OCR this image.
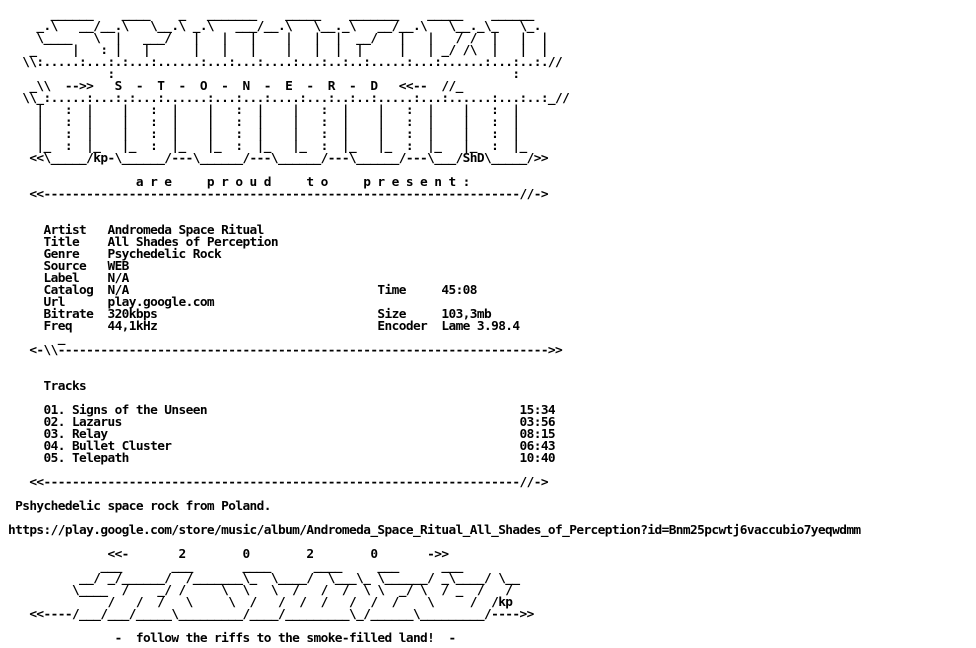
______    ____    _   _______    _____    _______    _____    ______
_.\   __/__.\   \__.\ _.\   ___/__.\   \__._\   __/__.\   \__._\_   \_.
\____   \  |   ___/   |   |   |    |   |  |  __/   |   |   / /  |   |  |
_     |   : |   |      |   |   |    |   |  |  |     |   | _/ /\  |   |  |
\\:.....:...:.:...:......:...:...:....:...:..:..:.....:...:......:...:..:.//
:                                                        :
_\\  -->>   S  -  T  -  O  -  N  -  E  -  R  -  D   <<--  //_
\\_:.....:...:.:...:......:...:...:....:...:..:..:.....:...:......:...:..:_//
|   :  |    |   :  |    |   :  |    |   :  |    |   :  |    |   :  |
|   :  |    |   :  |    |   :  |    |   :  |    |   :  |    |   :  |
|   :  |    |   :  |    |   :  |    |   :  |    |   :  |    |   :  |
|_  :  |_   |_  :  |_   |_  :  |_   |_  :  |_   |_  :  |_   |_  :  |_
<<\_____/kp-\______/---\______/---\______/---\______/---\___/ShD\_____/>>

a r e     p r o u d     t o     p r e s e n t :
<<-------------------------------------------------------------------//->

Artist   Andromeda Space Ritual
Title    All Shades of Perception
Genre    Psychedelic Rock
Source   WEB
Label    N/A
Catalog  N/A                                   Time     45:08
Url      play.google.com
Bitrate  320kbps                               Size     103,3mb
Freq     44,1kHz                               Encoder  Lame 3.98.4
_
<-\\--------------------------------------------------------------------->>

Tracks

01. Signs of the Unseen                                            15:34
02. Lazarus                                                        03:56
03. Relay                                                          08:15
04. Bullet Cluster                                                 06:43
05. Telepath                                                       10:40

<<-------------------------------------------------------------------//->

Pshychedelic space rock from Poland.

https://play.google.com/store/music/album/Andromeda_Space_Ritual_All_Shades_of_Perception?id=Bnm25pcwtj6vaccubio7yeqwdmm

<<-       2        0        2        0       ->>
___       ___       ____      ____     ___      ___
__/ _/______/  /_______\_  \____/  \___\_ \______/ _\____/ \__
\____  /    _/ /     \  \   \  /   /  /  \ \  _/ \  / _  /   /
/   /  /   \     \  /   /  /  /   /  /  /    \     /  /kp
<<----/___/___/_____\_________/____/_________\_/______\_________/---->>

-  follow the riffs to the smoke-filled land!  -
